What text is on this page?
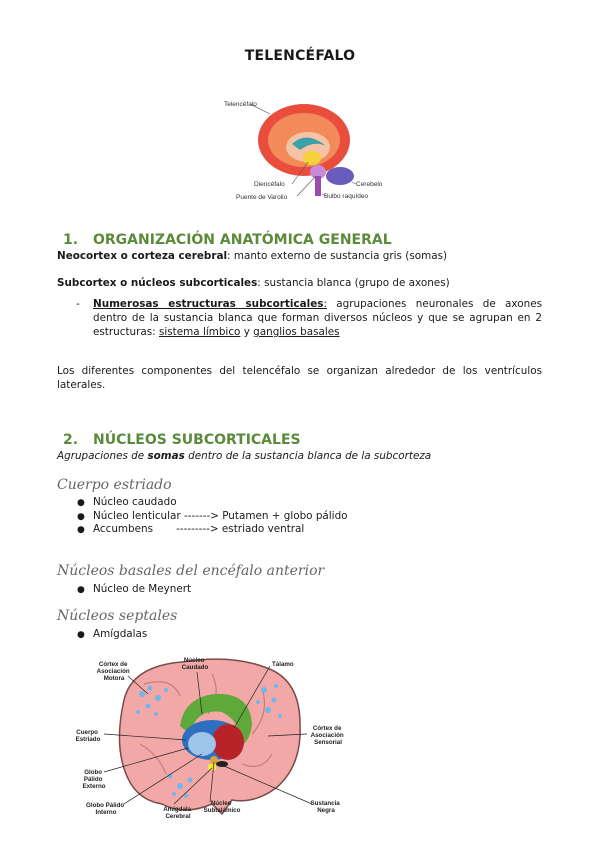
TELENCÉFALO
Telencéfalo
Diencéfalo
Puente de Varolio
Cerebelo
Bulbo raquídeo
1. ORGANIZACIÓN ANATÓMICA GENERAL

Neocortex o corteza cerebral: manto externo de sustancia gris (somas)

Subcortex o núcleos subcorticales: sustancia blanca (grupo de axones)

- Numerosas estructuras subcorticales: agrupaciones neuronales de axones dentro de la sustancia blanca que forman diversos núcleos y que se agrupan en 2 estructuras: sistema límbico y ganglios basales

Los diferentes componentes del telencéfalo se organizan alrededor de los ventrículos laterales.

2. NÚCLEOS SUBCORTICALES

Agrupaciones de somas dentro de la sustancia blanca de la subcorteza

Cuerpo estriado
● Núcleo caudado
● Núcleo lenticular -------> Putamen + globo pálido
● Accumbens       ---------> estriado ventral
Núcleos basales del encéfalo anterior
● Núcleo de Meynert
Núcleos septales
● Amígdalas
Córtex de Asociación Motora
Núcleo Caudado	Tálamo
Córtex de Asociación Sensorial
Cuerpo Estriado
Globo Pálido Externo
Globo Pálido Interno	Amígdala Cerebral
Núcleo Subtalámico
Sustancia Negra
